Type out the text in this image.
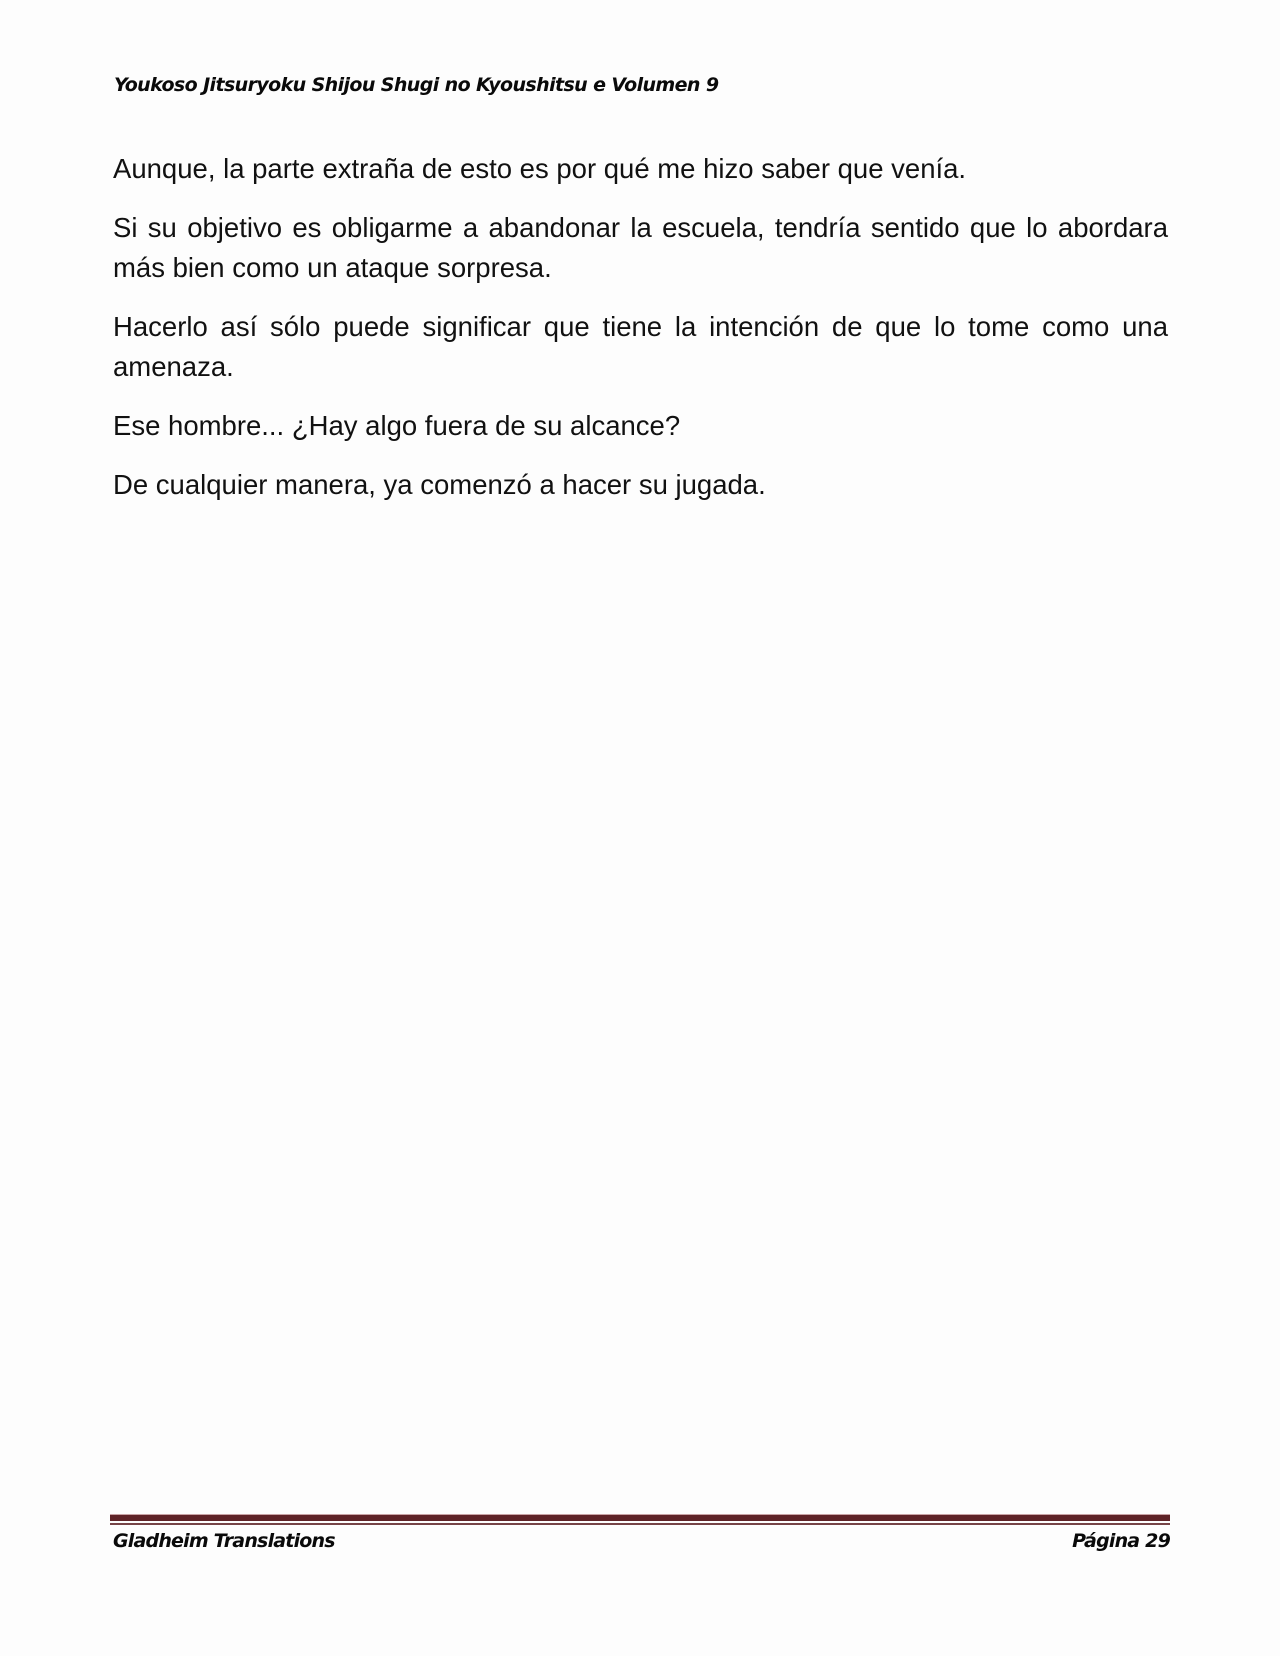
Youkoso Jitsuryoku Shijou Shugi no Kyoushitsu e Volumen 9

Aunque, la parte extraña de esto es por qué me hizo saber que venía.

Si su objetivo es obligarme a abandonar la escuela, tendría sentido que lo abordara más bien como un ataque sorpresa.

Hacerlo así sólo puede significar que tiene la intención de que lo tome como una amenaza.

Ese hombre... ¿Hay algo fuera de su alcance?

De cualquier manera, ya comenzó a hacer su jugada.

Gladheim Translations	Página 29
